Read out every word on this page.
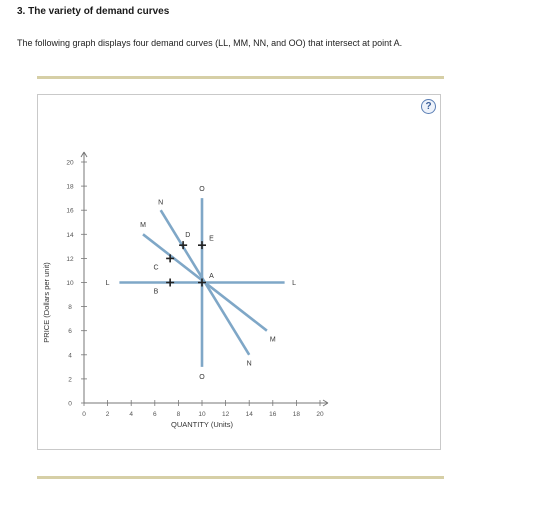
3. The variety of demand curves
The following graph displays four demand curves (LL, MM, NN, and OO) that intersect at point A.
?
0	2	4	6	8	10	12	14	16	18	20
0
2
4
6
8
10
12
14
16
18
20
QUANTITY (Units)
PRICE (Dollars per unit)	L	L
M
M
N
N
O
O
A
B
C
D
E
